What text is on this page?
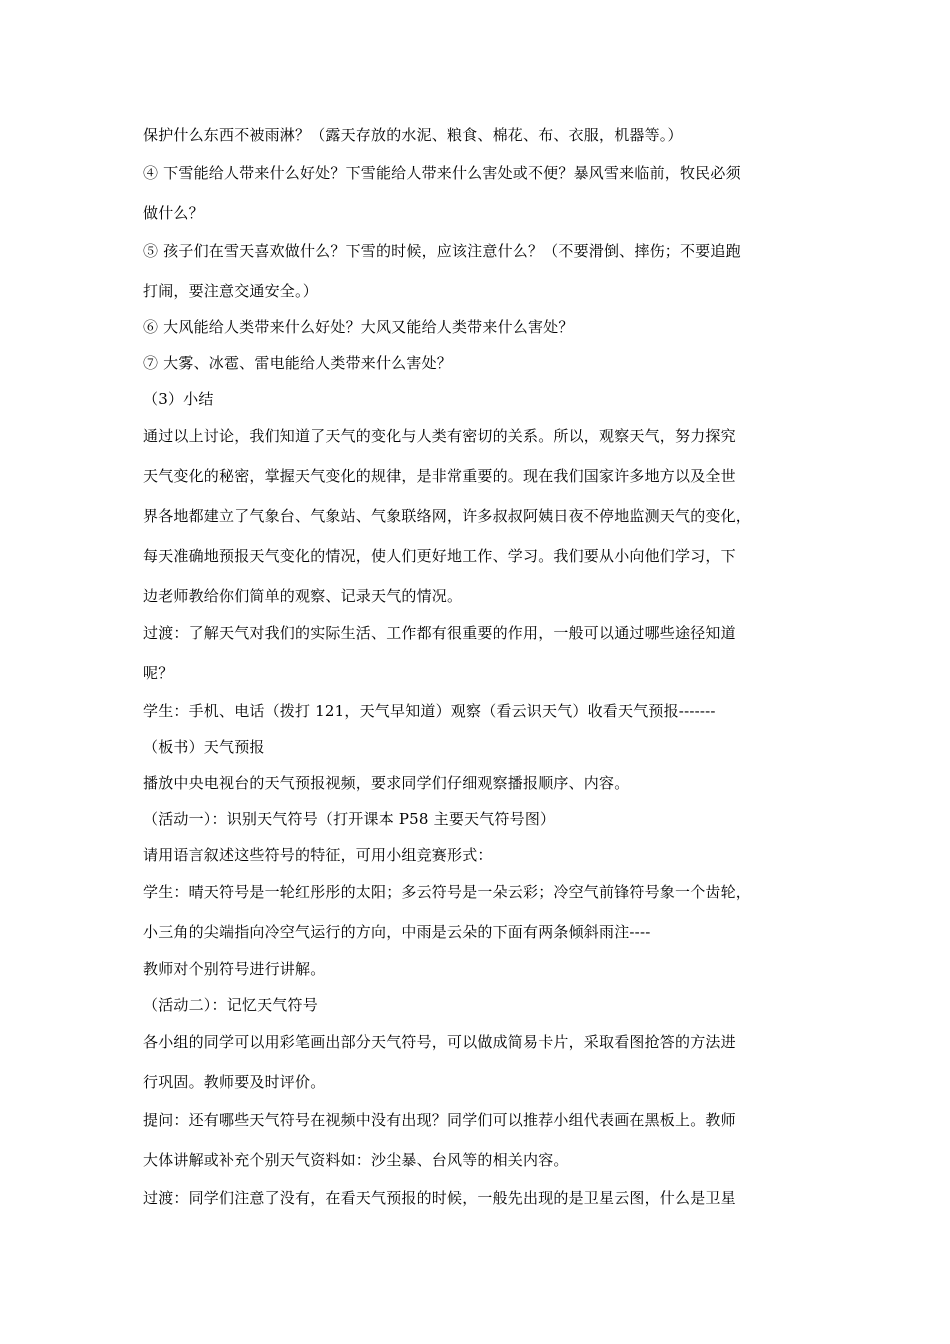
保护什么东西不被雨淋？（露天存放的水泥、粮食、棉花、布、衣服，机器等。）
④ 下雪能给人带来什么好处？下雪能给人带来什么害处或不便？暴风雪来临前，牧民必须
做什么？
⑤ 孩子们在雪天喜欢做什么？下雪的时候，应该注意什么？（不要滑倒、摔伤；不要追跑
打闹，要注意交通安全。）
⑥ 大风能给人类带来什么好处？大风又能给人类带来什么害处？
⑦ 大雾、冰雹、雷电能给人类带来什么害处？
（3）小结
通过以上讨论，我们知道了天气的变化与人类有密切的关系。所以，观察天气，努力探究
天气变化的秘密，掌握天气变化的规律，是非常重要的。现在我们国家许多地方以及全世
界各地都建立了气象台、气象站、气象联络网，许多叔叔阿姨日夜不停地监测天气的变化，
每天准确地预报天气变化的情况，使人们更好地工作、学习。我们要从小向他们学习，下
边老师教给你们简单的观察、记录天气的情况。
过渡：了解天气对我们的实际生活、工作都有很重要的作用，一般可以通过哪些途径知道
呢？
学生：手机、电话（拨打 121，天气早知道）观察（看云识天气）收看天气预报-------
（板书）天气预报
播放中央电视台的天气预报视频，要求同学们仔细观察播报顺序、内容。
（活动一）：识别天气符号（打开课本 P58 主要天气符号图）
请用语言叙述这些符号的特征，可用小组竞赛形式：
学生：晴天符号是一轮红彤彤的太阳；多云符号是一朵云彩；冷空气前锋符号象一个齿轮，
小三角的尖端指向冷空气运行的方向，中雨是云朵的下面有两条倾斜雨注----
教师对个别符号进行讲解。
（活动二）：记忆天气符号
各小组的同学可以用彩笔画出部分天气符号，可以做成简易卡片，采取看图抢答的方法进
行巩固。教师要及时评价。
提问：还有哪些天气符号在视频中没有出现？同学们可以推荐小组代表画在黑板上。教师
大体讲解或补充个别天气资料如：沙尘暴、台风等的相关内容。
过渡：同学们注意了没有，在看天气预报的时候，一般先出现的是卫星云图，什么是卫星
